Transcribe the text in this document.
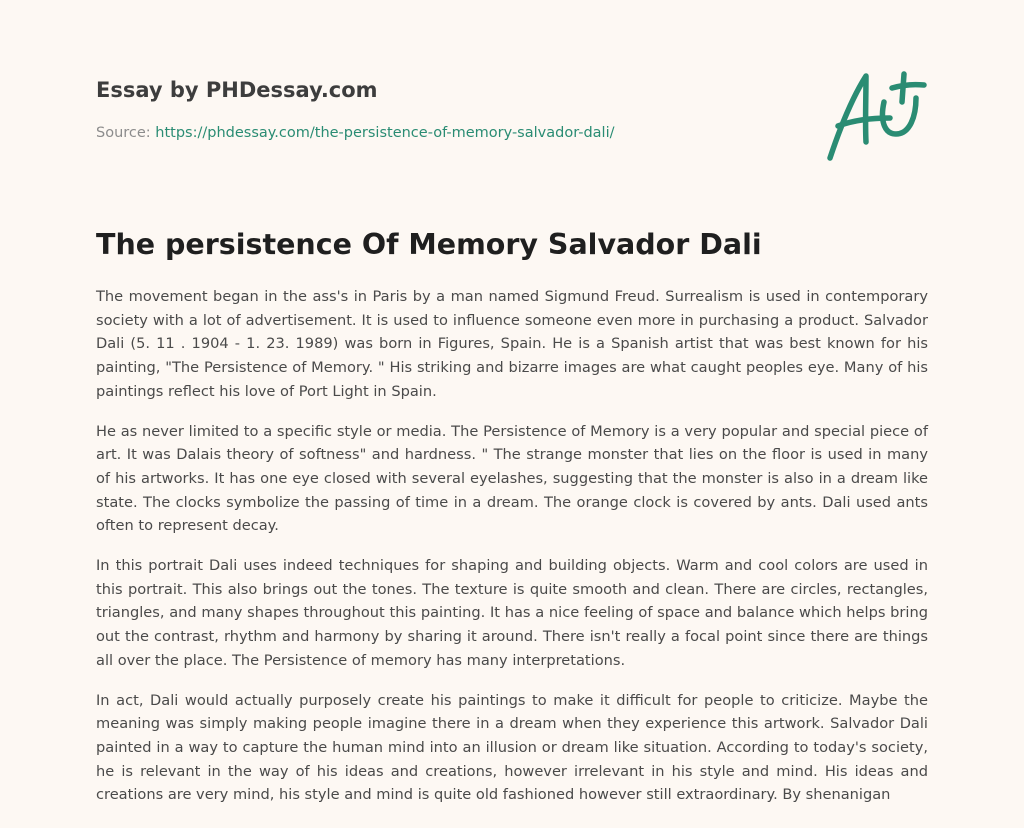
Essay by PHDessay.com
Source: https://phdessay.com/the-persistence-of-memory-salvador-dali/
The persistence Of Memory Salvador Dali

The movement began in the ass's in Paris by a man named Sigmund Freud. Surrealism is used in contemporary society with a lot of advertisement. It is used to influence someone even more in purchasing a product. Salvador Dali (5. 11 . 1904 - 1. 23. 1989) was born in Figures, Spain. He is a Spanish artist that was best known for his painting, "The Persistence of Memory. " His striking and bizarre images are what caught peoples eye. Many of his paintings reflect his love of Port Light in Spain.

He as never limited to a specific style or media. The Persistence of Memory is a very popular and special piece of art. It was Dalais theory of softness" and hardness. " The strange monster that lies on the floor is used in many of his artworks. It has one eye closed with several eyelashes, suggesting that the monster is also in a dream like state. The clocks symbolize the passing of time in a dream. The orange clock is covered by ants. Dali used ants often to represent decay.

In this portrait Dali uses indeed techniques for shaping and building objects. Warm and cool colors are used in this portrait. This also brings out the tones. The texture is quite smooth and clean. There are circles, rectangles, triangles, and many shapes throughout this painting. It has a nice feeling of space and balance which helps bring out the contrast, rhythm and harmony by sharing it around. There isn't really a focal point since there are things all over the place. The Persistence of memory has many interpretations.

In act, Dali would actually purposely create his paintings to make it difficult for people to criticize. Maybe the meaning was simply making people imagine there in a dream when they experience this artwork. Salvador Dali painted in a way to capture the human mind into an illusion or dream like situation. According to today's society, he is relevant in the way of his ideas and creations, however irrelevant in his style and mind. His ideas and creations are very mind, his style and mind is quite old fashioned however still extraordinary. By shenanigan
